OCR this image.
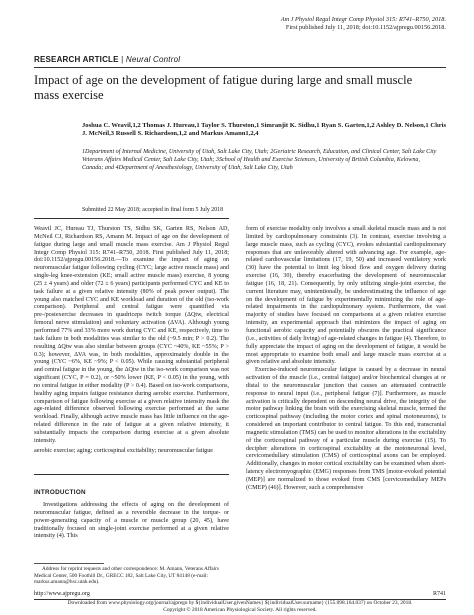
Am J Physiol Regul Integr Comp Physiol 315: R741–R750, 2018.
First published July 11, 2018; doi:10.1152/ajpregu.00156.2018.
RESEARCH ARTICLE | Neural Control
Impact of age on the development of fatigue during large and small muscle mass exercise
Joshua C. Weavil,1,2 Thomas J. Hureau,1 Taylor S. Thurston,1 Simranjit K. Sidhu,1 Ryan S. Garten,1,2 Ashley D. Nelson,1 Chris J. McNeil,3 Russell S. Richardson,1,2 and Markus Amann1,2,4
1Department of Internal Medicine, University of Utah, Salt Lake City, Utah; 2Geriatric Research, Education, and Clinical Center, Salt Lake City Veterans Affairs Medical Center, Salt Lake City, Utah; 3School of Health and Exercise Sciences, University of British Columbia, Kelowna, Canada; and 4Department of Anesthesiology, University of Utah, Salt Lake City, Utah
Submitted 22 May 2018; accepted in final form 5 July 2018
Weavil JC, Hureau TJ, Thurston TS, Sidhu SK, Garten RS, Nelson AD, McNeil CJ, Richardson RS, Amann M. Impact of age on the development of fatigue during large and small muscle mass exercise. Am J Physiol Regul Integr Comp Physiol 315: R741–R750, 2018. First published July 11, 2018; doi:10.1152/ajpregu.00156.2018.—To examine the impact of aging on neuromuscular fatigue following cycling (CYC; large active muscle mass) and single-leg knee-extension (KE; small active muscle mass) exercise, 8 young (25 ± 4 years) and older (72 ± 6 years) participants performed CYC and KE to task failure at a given relative intensity (80% of peak power output). The young also matched CYC and KE workload and duration of the old (iso-work comparison). Peripheral and central fatigue were quantified via pre-/postexercise decreases in quadriceps twitch torque (ΔQtw, electrical femoral nerve stimulation) and voluntary activation (ΔVA). Although young performed 77% and 33% more work during CYC and KE, respectively, time to task failure in both modalities was similar to the old (~9.5 min; P > 0.2). The resulting ΔQtw was also similar between groups (CYC ~40%, KE ~55%; P > 0.3); however, ΔVA was, in both modalities, approximately double in the young (CYC ~6%, KE ~9%; P < 0.05). While causing substantial peripheral and central fatigue in the young, the ΔQtw in the iso-work comparison was not significant (CYC, P = 0.2), or ~50% lower (KE, P < 0.05) in the young, with no central fatigue in either modality (P > 0.4). Based on iso-work comparisons, healthy aging impairs fatigue resistance during aerobic exercise. Furthermore, comparison of fatigue following exercise at a given relative intensity mask the age-related difference observed following exercise performed at the same workload. Finally, although active muscle mass has little influence on the age-related difference in the rate of fatigue at a given relative intensity, it substantially impacts the comparison during exercise at a given absolute intensity.
aerobic exercise; aging; corticospinal excitability; neuromuscular fatigue
INTRODUCTION
Investigations addressing the effects of aging on the development of neuromuscular fatigue, defined as a reversible decrease in the torque- or power-generating capacity of a muscle or muscle group (20, 45), have traditionally focused on single-joint exercise performed at a given relative intensity (4). This
Address for reprint requests and other correspondence: M. Amann, Veterans Affairs Medical Center, 500 Foothill Dr., GRECC 182, Salt Lake City, UT 84148 (e-mail: markus.amann@hsc.utah.edu).

form of exercise modality only involves a small skeletal muscle mass and is not limited by cardiopulmonary constraints (3). In contrast, exercise involving a large muscle mass, such as cycling (CYC), evokes substantial cardiopulmonary responses that are unfavorably altered with advancing age. For example, age-related cardiovascular limitations (17, 19, 50) and increased ventilatory work (30) have the potential to limit leg blood flow and oxygen delivery during exercise (16, 30), thereby exacerbating the development of neuromuscular fatigue (16, 18, 21). Consequently, by only utilizing single-joint exercise, the current literature may, unintentionally, be underestimating the influence of age on the development of fatigue by experimentally minimizing the role of age-related impairments in the cardiopulmonary system. Furthermore, the vast majority of studies have focused on comparisons at a given relative exercise intensity, an experimental approach that minimizes the impact of aging on functional aerobic capacity and potentially obscures the practical significance (i.e., activities of daily living) of age-related changes in fatigue (4). Therefore, to fully appreciate the impact of aging on the development of fatigue, it would be most appropriate to examine both small and large muscle mass exercise at a given relative and absolute intensity.

Exercise-induced neuromuscular fatigue is caused by a decrease in neural activation of the muscle (i.e., central fatigue) and/or biochemical changes at or distal to the neuromuscular junction that causes an attenuated contractile response to neural input (i.e., peripheral fatigue (7)]. Furthermore, as muscle activation is critically dependent on descending neural drive, the integrity of the motor pathway linking the brain with the exercising skeletal muscle, termed the corticospinal pathway (including the motor cortex and spinal motoneurons), is considered an important contributor to central fatigue. To this end, transcranial magnetic stimulation (TMS) can be used to monitor alterations in the excitability of the corticospinal pathway of a particular muscle during exercise (15). To decipher alterations in corticospinal excitability at the motoneuronal level, cervicomedullary stimulation (CMS) of corticospinal axons can be employed. Additionally, changes in motor cortical excitability can be examined when short-latency electromyographic (EMG) responses from TMS [motor-evoked potential (MEP)] are normalized to those evoked from CMS [cervicomedullary MEPs (CMEP) (46)]. However, such a comprehensive

http://www.ajpregu.org	R741
Downloaded from www.physiology.org/journal/ajpregu by ${individualUser.givenNames} ${individualUser.surname} (155.098.164.037) on October 23, 2018.
Copyright © 2018 American Physiological Society. All rights reserved.
